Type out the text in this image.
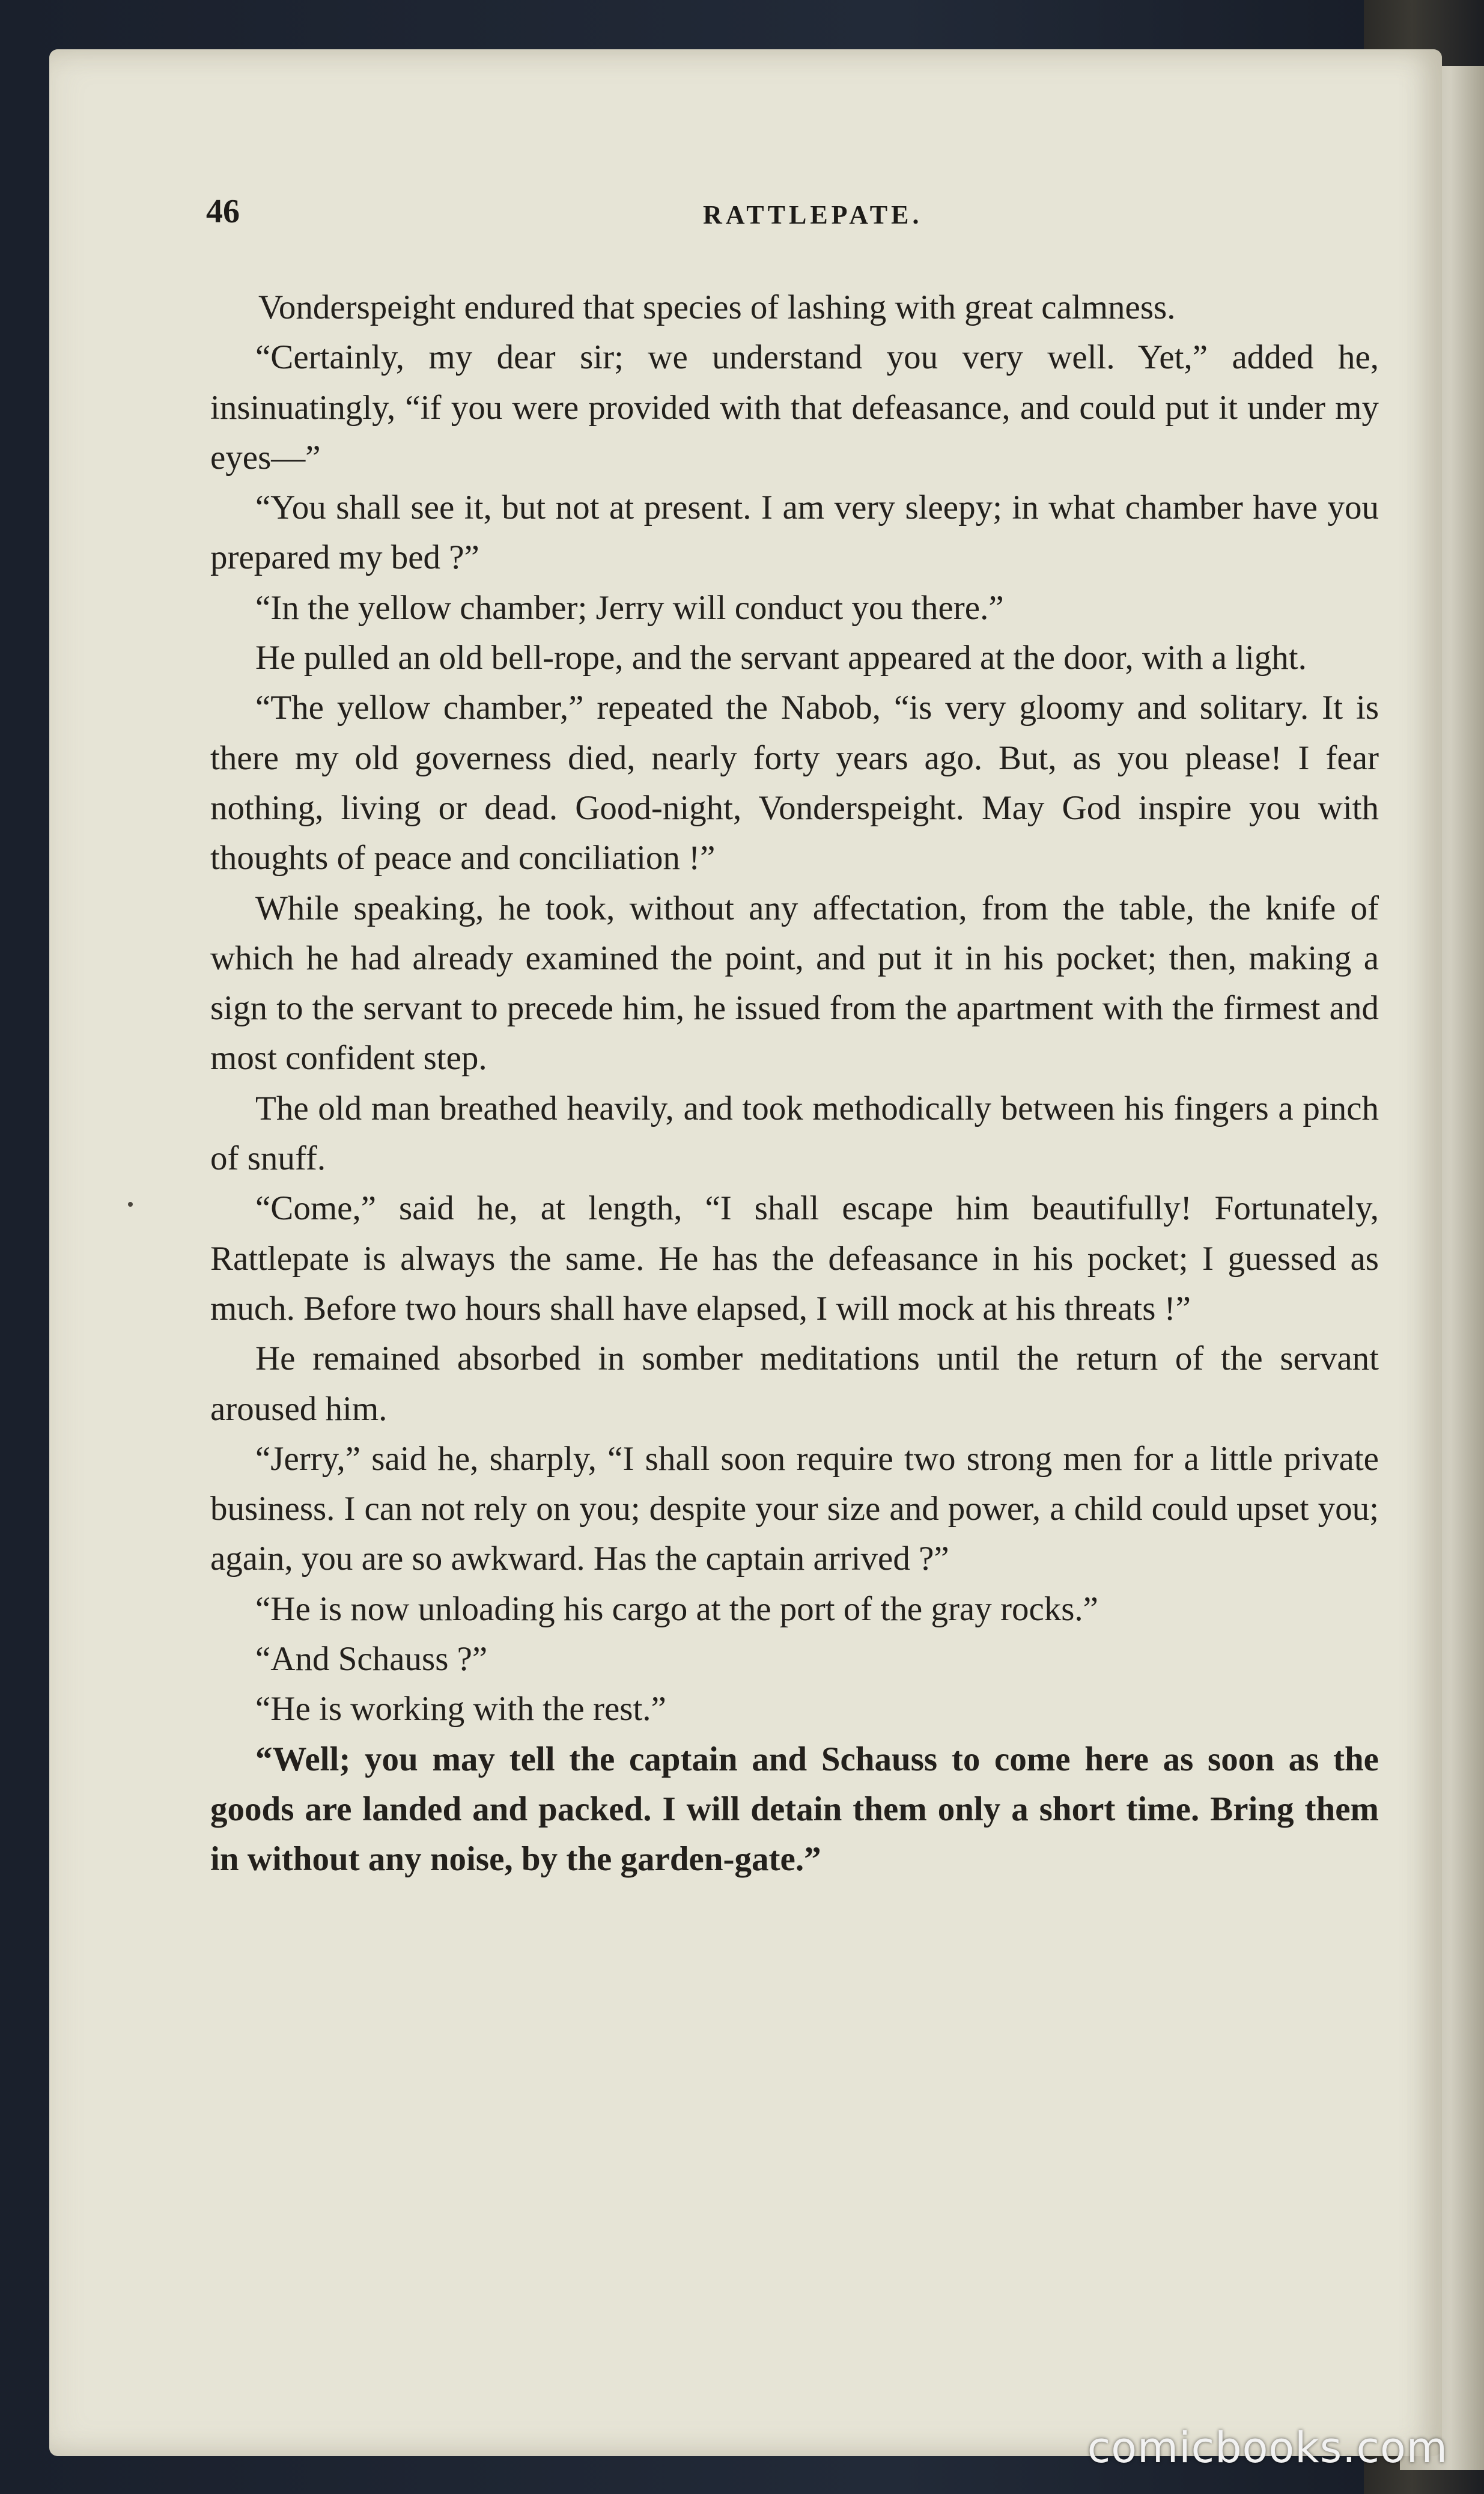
46	RATTLEPATE.

Vonderspeight endured that species of lashing with great calmness.

“Certainly, my dear sir; we understand you very well. Yet,” added he, insinuatingly, “if you were provided with that defeasance, and could put it under my eyes—”

“You shall see it, but not at present. I am very sleepy; in what chamber have you prepared my bed ?”

“In the yellow chamber; Jerry will conduct you there.”

He pulled an old bell-rope, and the servant appeared at the door, with a light.

“The yellow chamber,” repeated the Nabob, “is very gloomy and solitary. It is there my old governess died, nearly forty years ago. But, as you please! I fear nothing, living or dead. Good-night, Vonderspeight. May God inspire you with thoughts of peace and conciliation !”

While speaking, he took, without any affectation, from the table, the knife of which he had already examined the point, and put it in his pocket; then, making a sign to the servant to precede him, he issued from the apartment with the firmest and most confident step.

The old man breathed heavily, and took methodically between his fingers a pinch of snuff.

“Come,” said he, at length, “I shall escape him beautifully! Fortunately, Rattlepate is always the same. He has the defeasance in his pocket; I guessed as much. Before two hours shall have elapsed, I will mock at his threats !”

He remained absorbed in somber meditations until the return of the servant aroused him.

“Jerry,” said he, sharply, “I shall soon require two strong men for a little private business. I can not rely on you; despite your size and power, a child could upset you; again, you are so awkward. Has the captain arrived ?”

“He is now unloading his cargo at the port of the gray rocks.”

“And Schauss ?”

“He is working with the rest.”

“Well; you may tell the captain and Schauss to come here as soon as the goods are landed and packed. I will detain them only a short time. Bring them in without any noise, by the garden-gate.”

comicbooks.com
